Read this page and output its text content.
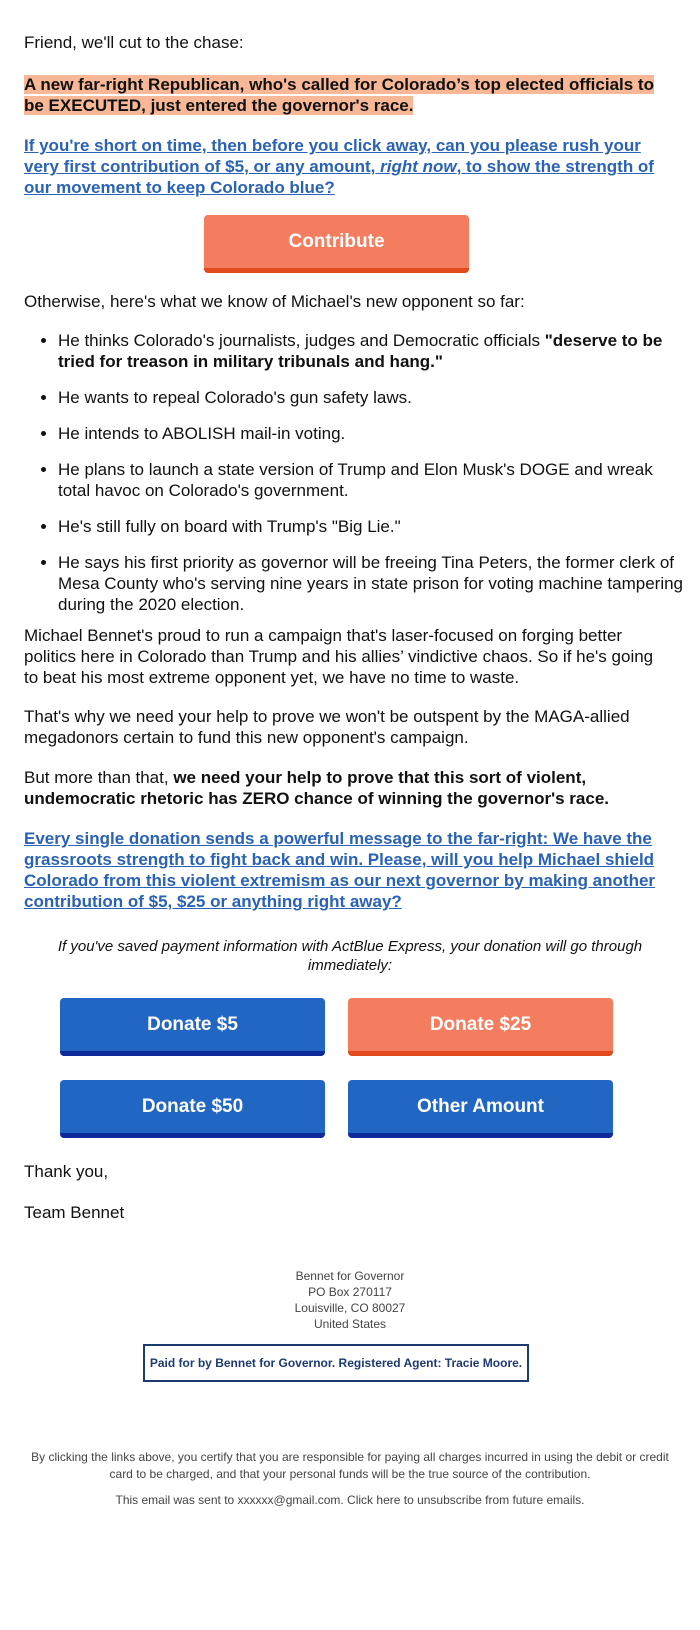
Friend, we'll cut to the chase:

A new far-right Republican, who's called for Colorado’s top elected officials to be EXECUTED, just entered the governor's race.

If you're short on time, then before you click away, can you please rush your very first contribution of $5, or any amount, right now, to show the strength of our movement to keep Colorado blue?

Contribute

Otherwise, here's what we know of Michael's new opponent so far:

• He thinks Colorado's journalists, judges and Democratic officials "deserve to be tried for treason in military tribunals and hang."
• He wants to repeal Colorado's gun safety laws.
• He intends to ABOLISH mail-in voting.
• He plans to launch a state version of Trump and Elon Musk's DOGE and wreak total havoc on Colorado's government.
• He's still fully on board with Trump's "Big Lie."
• He says his first priority as governor will be freeing Tina Peters, the former clerk of Mesa County who's serving nine years in state prison for voting machine tampering during the 2020 election.

Michael Bennet's proud to run a campaign that's laser-focused on forging better politics here in Colorado than Trump and his allies’ vindictive chaos. So if he's going to beat his most extreme opponent yet, we have no time to waste.

That's why we need your help to prove we won't be outspent by the MAGA-allied megadonors certain to fund this new opponent's campaign.

But more than that, we need your help to prove that this sort of violent, undemocratic rhetoric has ZERO chance of winning the governor's race.

Every single donation sends a powerful message to the far-right: We have the grassroots strength to fight back and win. Please, will you help Michael shield Colorado from this violent extremism as our next governor by making another contribution of $5, $25 or anything right away?

If you've saved payment information with ActBlue Express, your donation will go through immediately:

Donate $5	Donate $25
Donate $50	Other Amount

Thank you,

Team Bennet

Bennet for Governor
PO Box 270117
Louisville, CO 80027
United States
Paid for by Bennet for Governor. Registered Agent: Tracie Moore.

By clicking the links above, you certify that you are responsible for paying all charges incurred in using the debit or credit card to be charged, and that your personal funds will be the true source of the contribution.

This email was sent to xxxxxx@gmail.com. Click here to unsubscribe from future emails.
